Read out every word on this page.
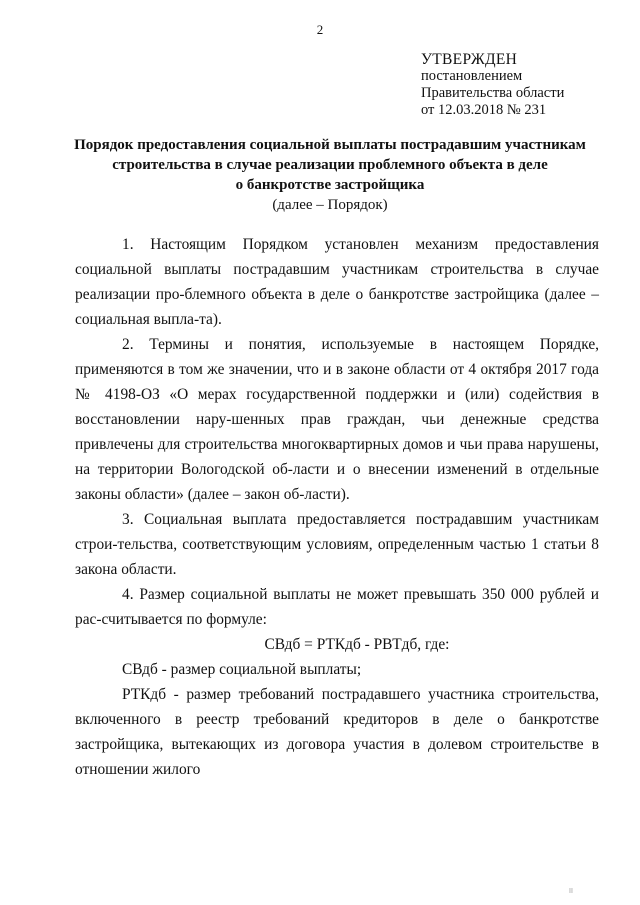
2
УТВЕРЖДЕН
постановлением
Правительства области
от 12.03.2018 № 231
Порядок предоставления социальной выплаты пострадавшим участникам
строительства в случае реализации проблемного объекта в деле
о банкротстве застройщика
(далее – Порядок)

1. Настоящим Порядком установлен механизм предоставления социальной выплаты пострадавшим участникам строительства в случае реализации про-блемного объекта в деле о банкротстве застройщика (далее – социальная выпла-та).

2. Термины и понятия, используемые в настоящем Порядке, применяются в том же значении, что и в законе области от 4 октября 2017 года № 4198-ОЗ «О мерах государственной поддержки и (или) содействия в восстановлении нару-шенных прав граждан, чьи денежные средства привлечены для строительства многоквартирных домов и чьи права нарушены, на территории Вологодской об-ласти и о внесении изменений в отдельные законы области» (далее – закон об-ласти).

3. Социальная выплата предоставляется пострадавшим участникам строи-тельства, соответствующим условиям, определенным частью 1 статьи 8 закона области.

4. Размер социальной выплаты не может превышать 350 000 рублей и рас-считывается по формуле:

СВдб = РТКдб - РВТдб, где:

СВдб - размер социальной выплаты;

РТКдб - размер требований пострадавшего участника строительства, включенного в реестр требований кредиторов в деле о банкротстве застройщика, вытекающих из договора участия в долевом строительстве в отношении жилого

II
